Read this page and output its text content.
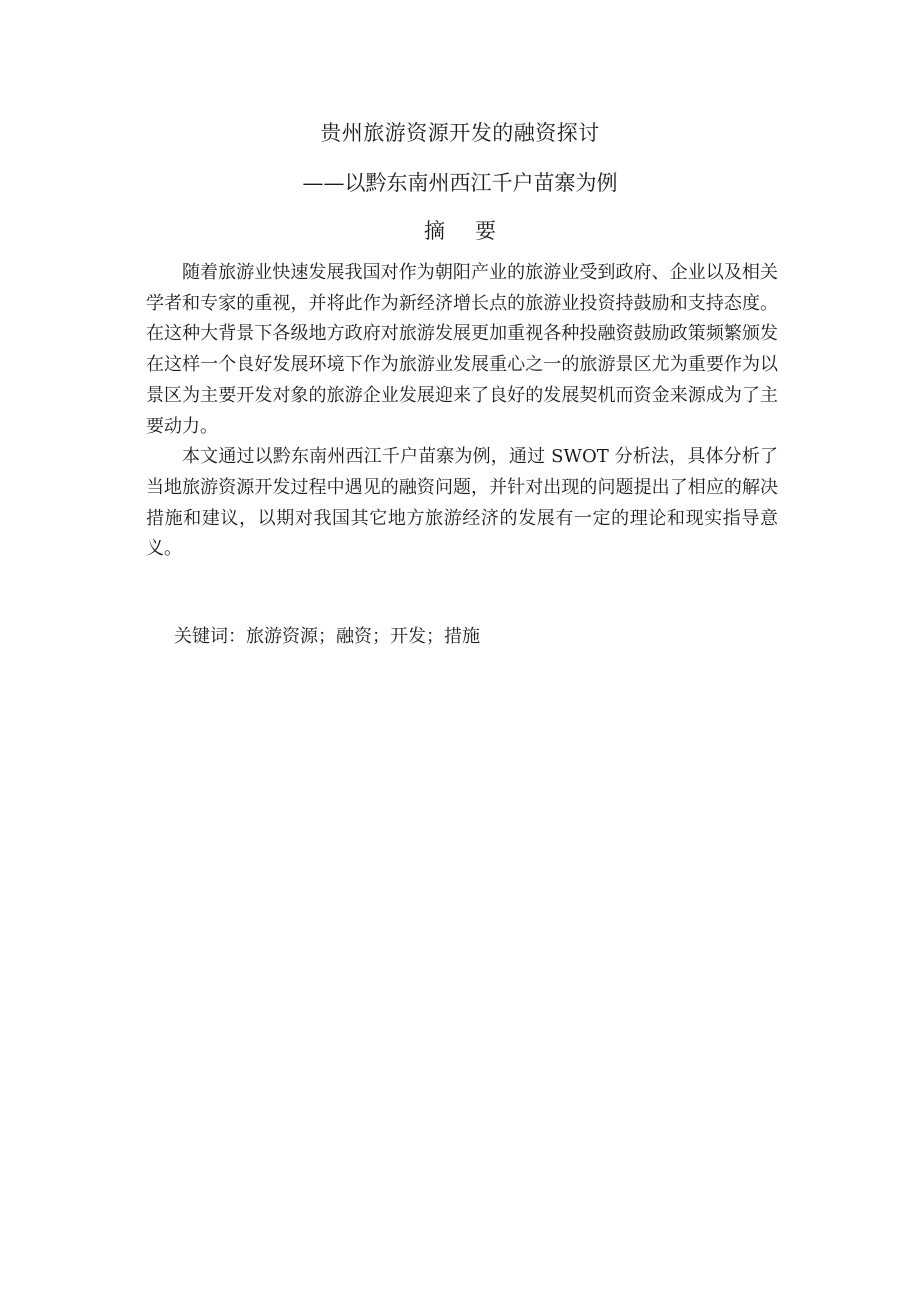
贵州旅游资源开发的融资探讨
——以黔东南州西江千户苗寨为例
摘 要

随着旅游业快速发展我国对作为朝阳产业的旅游业受到政府、企业以及相关学者和专家的重视，并将此作为新经济增长点的旅游业投资持鼓励和支持态度。在这种大背景下各级地方政府对旅游发展更加重视各种投融资鼓励政策频繁颁发在这样一个良好发展环境下作为旅游业发展重心之一的旅游景区尤为重要作为以景区为主要开发对象的旅游企业发展迎来了良好的发展契机而资金来源成为了主要动力。

本文通过以黔东南州西江千户苗寨为例，通过 SWOT 分析法，具体分析了当地旅游资源开发过程中遇见的融资问题，并针对出现的问题提出了相应的解决措施和建议，以期对我国其它地方旅游经济的发展有一定的理论和现实指导意义。

关键词：旅游资源；融资；开发；措施
